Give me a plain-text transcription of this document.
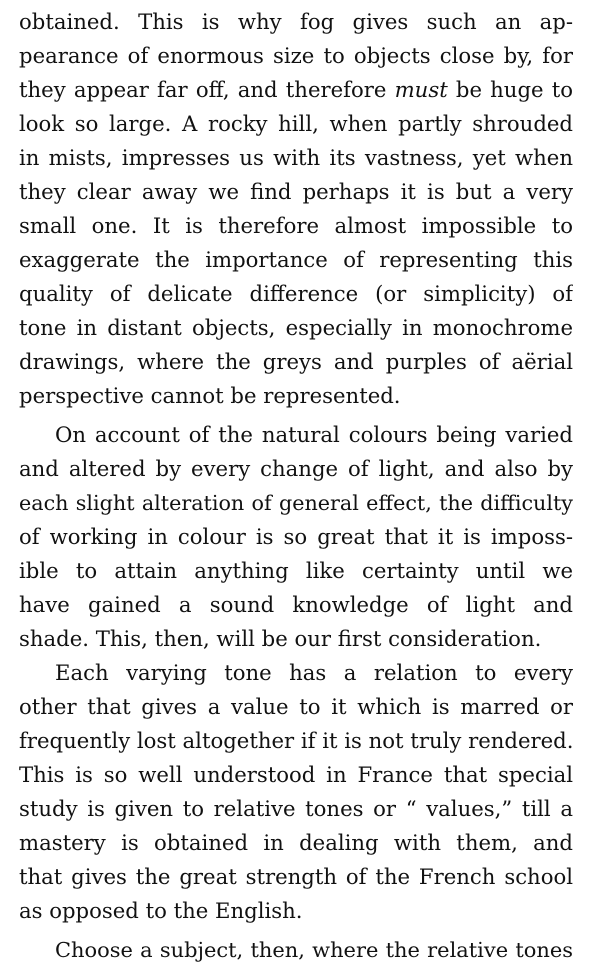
obtained. This is why fog gives such an ap-
pearance of enormous size to objects close by, for
they appear far off, and therefore must be huge to
look so large. A rocky hill, when partly shrouded
in mists, impresses us with its vastness, yet when
they clear away we find perhaps it is but a very
small one. It is therefore almost impossible to
exaggerate the importance of representing this
quality of delicate difference (or simplicity) of
tone in distant objects, especially in monochrome
drawings, where the greys and purples of aërial
perspective cannot be represented.
On account of the natural colours being varied
and altered by every change of light, and also by
each slight alteration of general effect, the difficulty
of working in colour is so great that it is imposs-
ible to attain anything like certainty until we
have gained a sound knowledge of light and
shade. This, then, will be our first consideration.
Each varying tone has a relation to every
other that gives a value to it which is marred or
frequently lost altogether if it is not truly rendered.
This is so well understood in France that special
study is given to relative tones or “ values,” till a
mastery is obtained in dealing with them, and
that gives the great strength of the French school
as opposed to the English.
Choose a subject, then, where the relative tones
